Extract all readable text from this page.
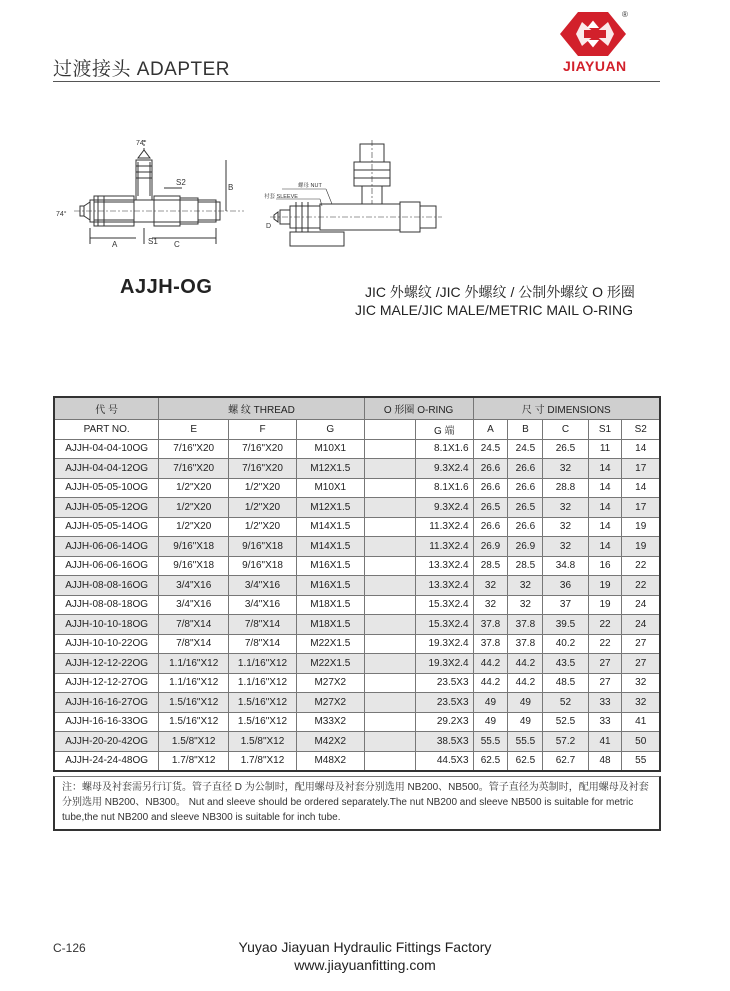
过渡接头 ADAPTER
®
JIAYUAN
74°
74°
S2
B
A	S1 C
螺母 NUT
衬套 SLEEVE
D
AJJH-OG	JIC 外螺纹 /JIC 外螺纹 / 公制外螺纹 O 形圈
JIC MALE/JIC MALE/METRIC MAIL O-RING
代 号	螺 纹 THREAD			O 形圈 O-RING		尺 寸 DIMENSIONS				
PART NO.	E	F	G		G 端	A	B	C	S1	S2
AJJH-04-04-10OG	7/16"X20	7/16"X20	M10X1		8.1X1.6	24.5	24.5	26.5	11	14
AJJH-04-04-12OG	7/16"X20	7/16"X20	M12X1.5		9.3X2.4	26.6	26.6	32	14	17
AJJH-05-05-10OG	1/2"X20	1/2"X20	M10X1		8.1X1.6	26.6	26.6	28.8	14	14
AJJH-05-05-12OG	1/2"X20	1/2"X20	M12X1.5		9.3X2.4	26.5	26.5	32	14	17
AJJH-05-05-14OG	1/2"X20	1/2"X20	M14X1.5		11.3X2.4	26.6	26.6	32	14	19
AJJH-06-06-14OG	9/16"X18	9/16"X18	M14X1.5		11.3X2.4	26.9	26.9	32	14	19
AJJH-06-06-16OG	9/16"X18	9/16"X18	M16X1.5		13.3X2.4	28.5	28.5	34.8	16	22
AJJH-08-08-16OG	3/4"X16	3/4"X16	M16X1.5		13.3X2.4	32	32	36	19	22
AJJH-08-08-18OG	3/4"X16	3/4"X16	M18X1.5		15.3X2.4	32	32	37	19	24
AJJH-10-10-18OG	7/8"X14	7/8"X14	M18X1.5		15.3X2.4	37.8	37.8	39.5	22	24
AJJH-10-10-22OG	7/8"X14	7/8"X14	M22X1.5		19.3X2.4	37.8	37.8	40.2	22	27
AJJH-12-12-22OG	1.1/16"X12	1.1/16"X12	M22X1.5		19.3X2.4	44.2	44.2	43.5	27	27
AJJH-12-12-27OG	1.1/16"X12	1.1/16"X12	M27X2		23.5X3	44.2	44.2	48.5	27	32
AJJH-16-16-27OG	1.5/16"X12	1.5/16"X12	M27X2		23.5X3	49	49	52	33	32
AJJH-16-16-33OG	1.5/16"X12	1.5/16"X12	M33X2		29.2X3	49	49	52.5	33	41
AJJH-20-20-42OG	1.5/8"X12	1.5/8"X12	M42X2		38.5X3	55.5	55.5	57.2	41	50
AJJH-24-24-48OG	1.7/8"X12	1.7/8"X12	M48X2		44.5X3	62.5	62.5	62.7	48	55
注：螺母及衬套需另行订货。管子直径 D 为公制时，配用螺母及衬套分别选用 NB200、NB500。管子直径为英制时，配用螺母及衬套分别选用 NB200、NB300。 Nut and sleeve should be ordered separately.The nut NB200 and sleeve NB500 is suitable for metric tube,the nut NB200 and sleeve NB300 is suitable for inch tube.
C-126	Yuyao Jiayuan Hydraulic Fittings Factory
www.jiayuanfitting.com
